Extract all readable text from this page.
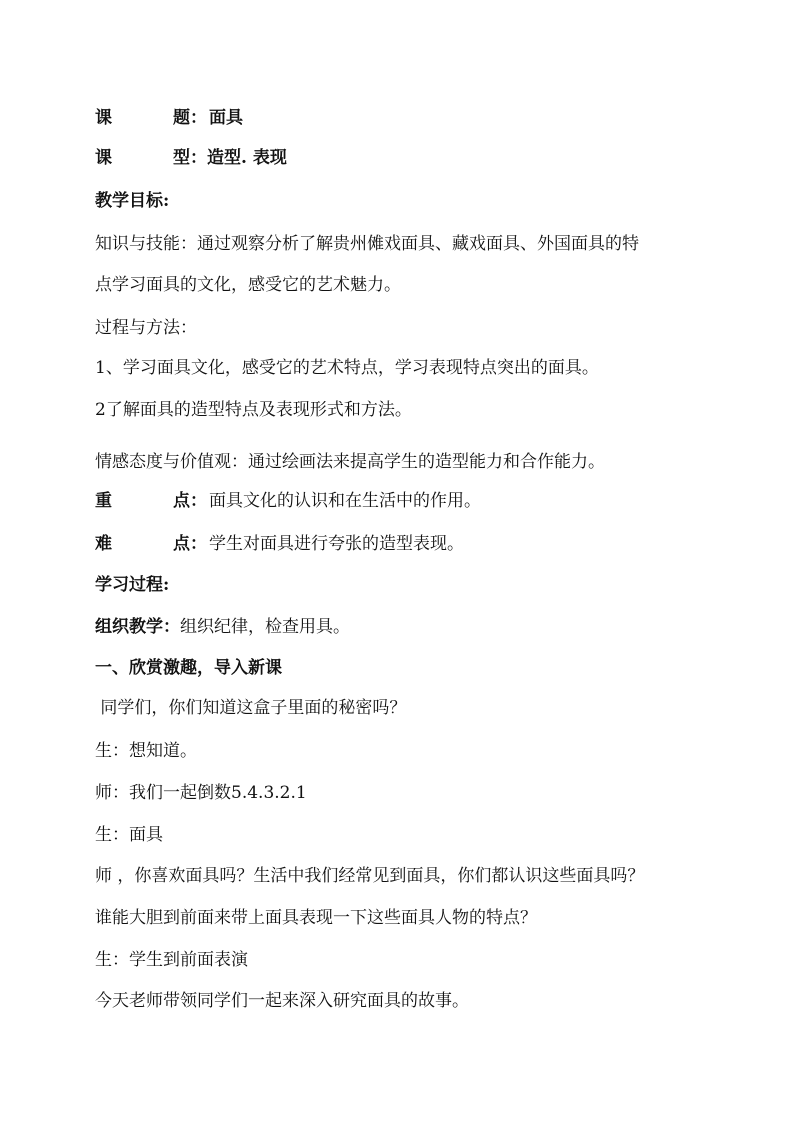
课	题： 面具
课	型：造型. 表现
教学目标:
知识与技能：通过观察分析了解贵州傩戏面具、藏戏面具、外国面具的特
点学习面具的文化，感受它的艺术魅力。
过程与方法：
1、学习面具文化，感受它的艺术特点，学习表现特点突出的面具。
2了解面具的造型特点及表现形式和方法。
情感态度与价值观：通过绘画法来提高学生的造型能力和合作能力。
重	点： 面具文化的认识和在生活中的作用。
难	点： 学生对面具进行夸张的造型表现。
学习过程:
组织教学：组织纪律，检查用具。
一、欣赏激趣，导入新课
同学们，你们知道这盒子里面的秘密吗？
生：想知道。
师：我们一起倒数5.4.3.2.1
生：面具
师 ，你喜欢面具吗？生活中我们经常见到面具，你们都认识这些面具吗？
谁能大胆到前面来带上面具表现一下这些面具人物的特点？
生：学生到前面表演
今天老师带领同学们一起来深入研究面具的故事。
